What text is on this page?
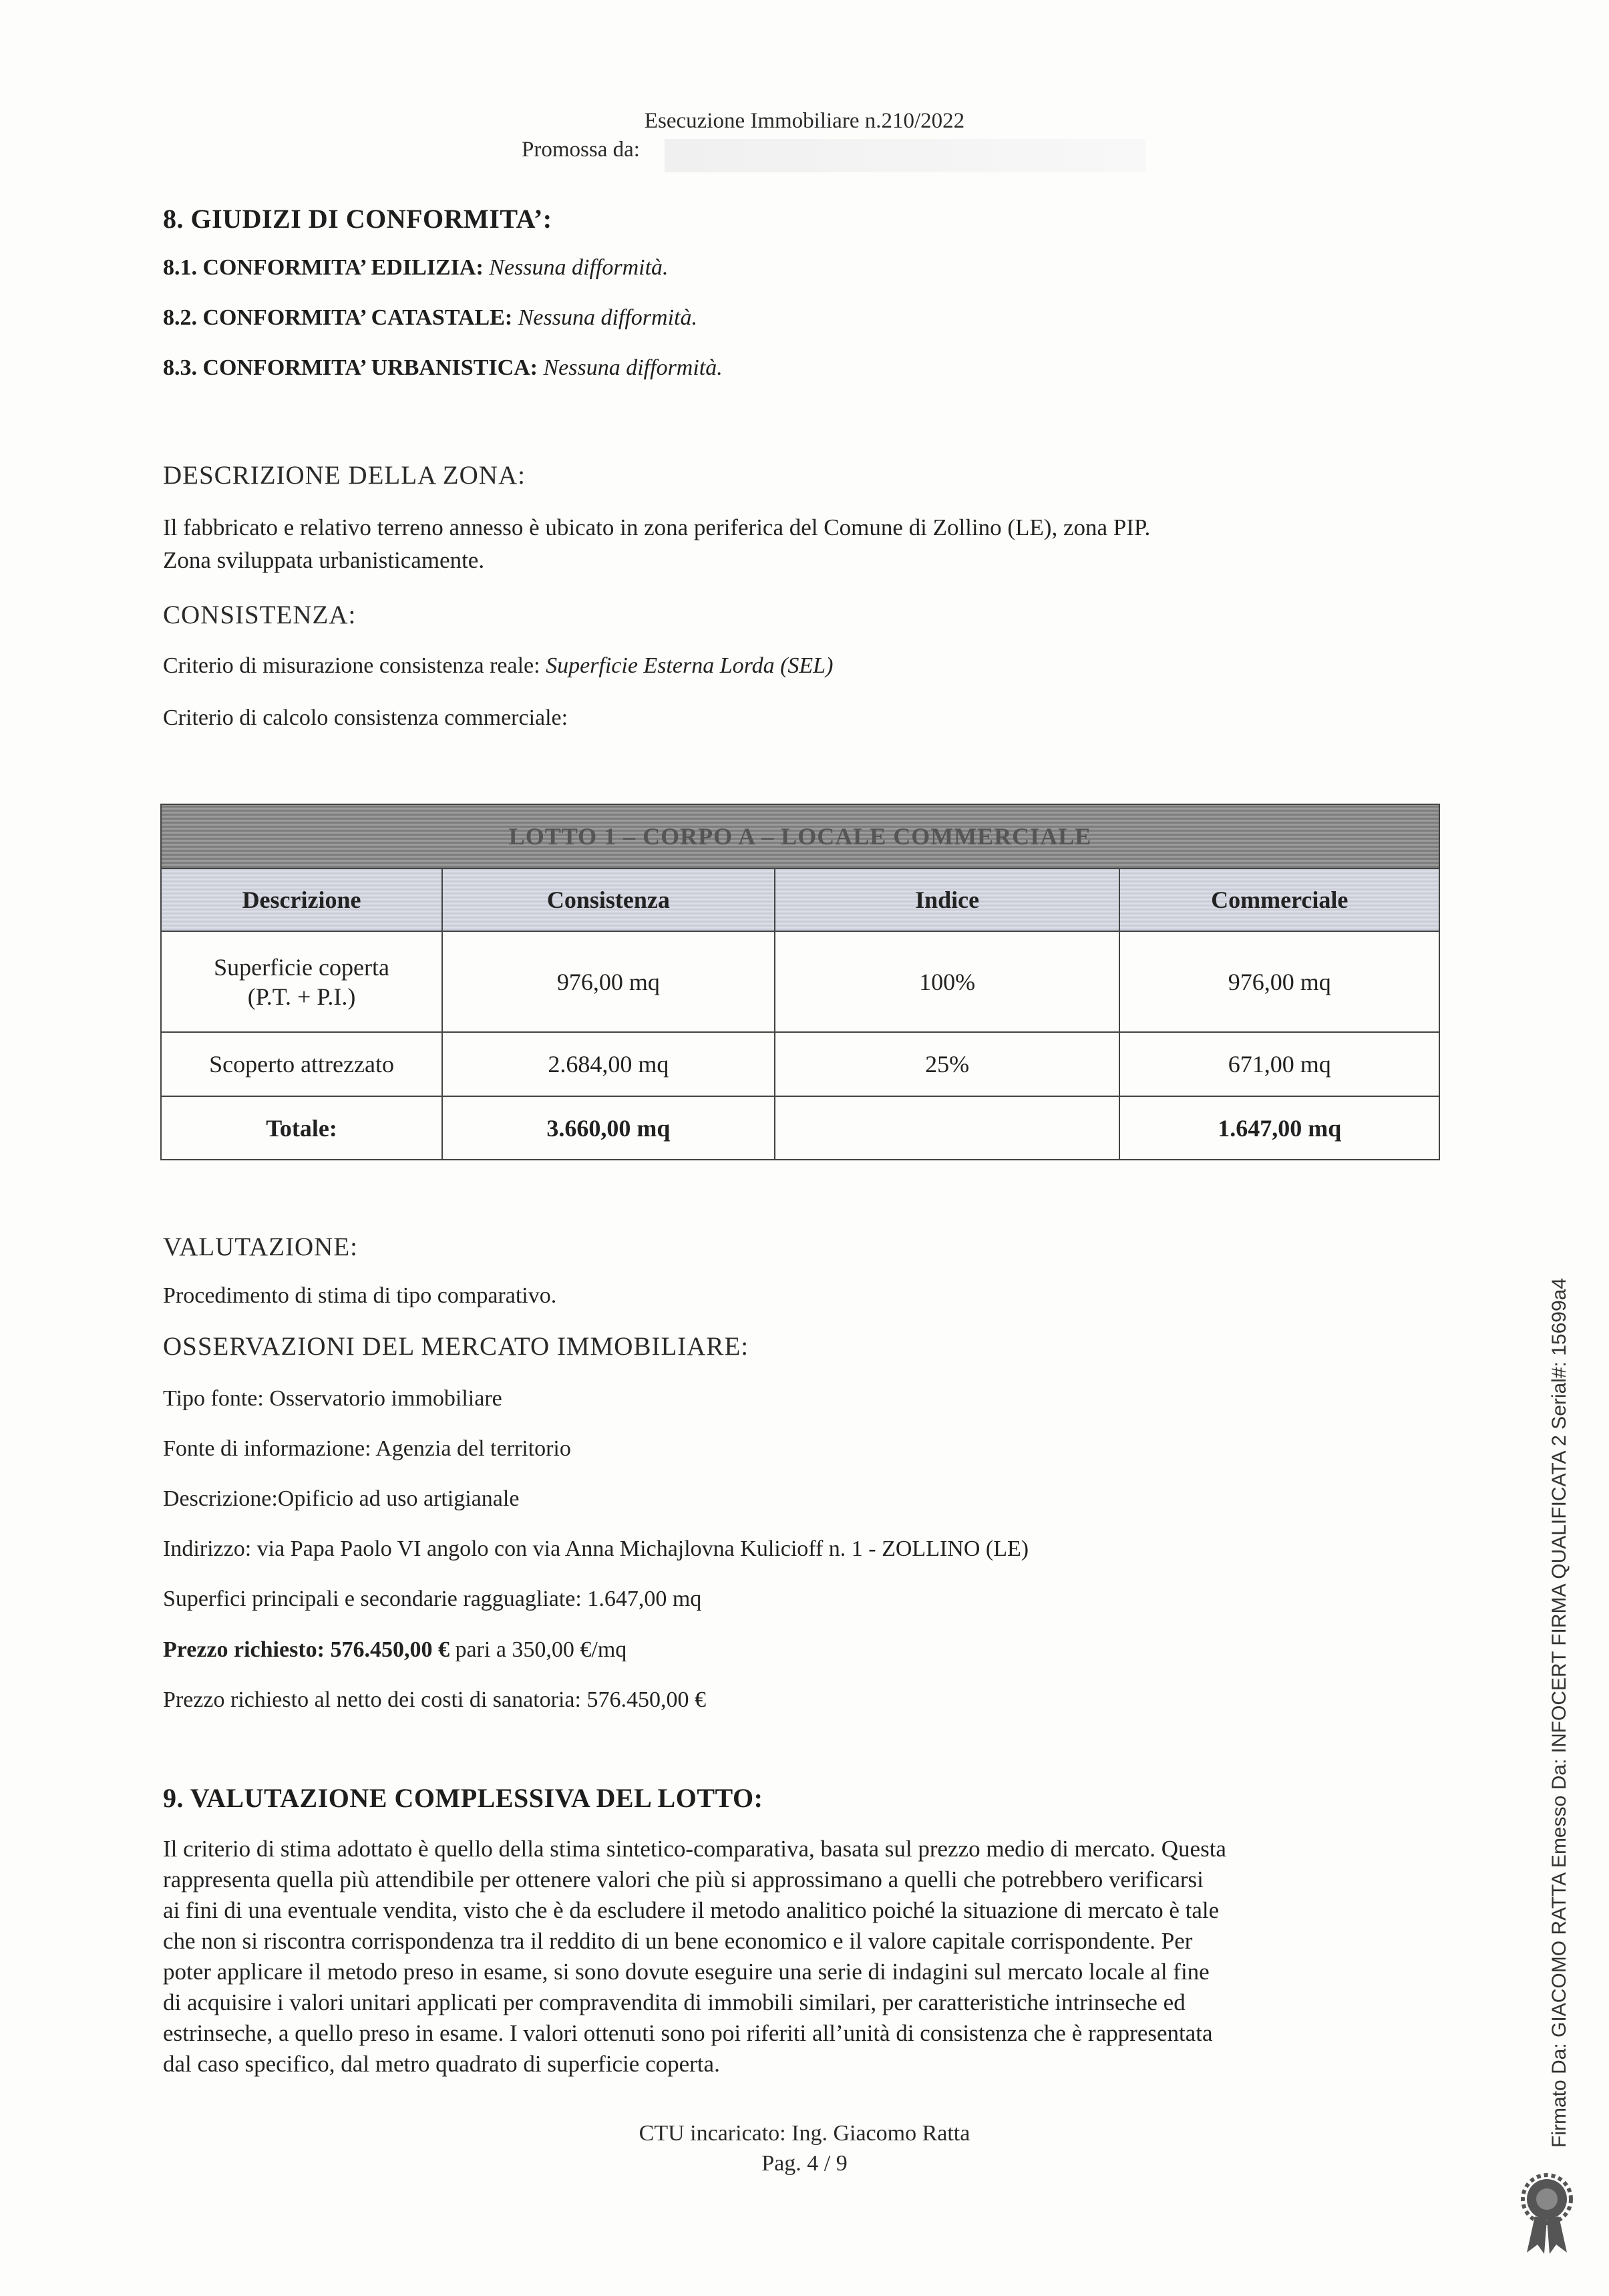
Esecuzione Immobiliare n.210/2022
Promossa da:
8. GIUDIZI DI CONFORMITA’:
8.1. CONFORMITA’ EDILIZIA: Nessuna difformità.
8.2. CONFORMITA’ CATASTALE: Nessuna difformità.
8.3. CONFORMITA’ URBANISTICA: Nessuna difformità.
DESCRIZIONE DELLA ZONA:
Il fabbricato e relativo terreno annesso è ubicato in zona periferica del Comune di Zollino (LE), zona PIP.
Zona sviluppata urbanisticamente.
CONSISTENZA:
Criterio di misurazione consistenza reale: Superficie Esterna Lorda (SEL)
Criterio di calcolo consistenza commerciale:
LOTTO 1 – CORPO A – LOCALE COMMERCIALE			
Descrizione	Consistenza	Indice	Commerciale

Superficie coperta
(P.T. + P.I.)	976,00 mq	100%	976,00 mq
Scoperto attrezzato	2.684,00 mq	25%	671,00 mq
Totale:	3.660,00 mq		1.647,00 mq
VALUTAZIONE:
Procedimento di stima di tipo comparativo.
OSSERVAZIONI DEL MERCATO IMMOBILIARE:
Tipo fonte: Osservatorio immobiliare
Fonte di informazione: Agenzia del territorio
Descrizione:Opificio ad uso artigianale
Indirizzo: via Papa Paolo VI angolo con via Anna Michajlovna Kulicioff n. 1 - ZOLLINO (LE)
Superfici principali e secondarie ragguagliate: 1.647,00 mq
Prezzo richiesto: 576.450,00 € pari a 350,00 €/mq
Prezzo richiesto al netto dei costi di sanatoria: 576.450,00 €
9. VALUTAZIONE COMPLESSIVA DEL LOTTO:
Il criterio di stima adottato è quello della stima sintetico-comparativa, basata sul prezzo medio di mercato. Questa
rappresenta quella più attendibile per ottenere valori che più si approssimano a quelli che potrebbero verificarsi
ai fini di una eventuale vendita, visto che è da escludere il metodo analitico poiché la situazione di mercato è tale
che non si riscontra corrispondenza tra il reddito di un bene economico e il valore capitale corrispondente. Per
poter applicare il metodo preso in esame, si sono dovute eseguire una serie di indagini sul mercato locale al fine
di acquisire i valori unitari applicati per compravendita di immobili similari, per caratteristiche intrinseche ed
estrinseche, a quello preso in esame. I valori ottenuti sono poi riferiti all’unità di consistenza che è rappresentata
dal caso specifico, dal metro quadrato di superficie coperta.
CTU incaricato: Ing. Giacomo Ratta
Pag. 4 / 9
Firmato Da: GIACOMO RATTA Emesso Da: INFOCERT FIRMA QUALIFICATA 2 Serial#: 15699a4
